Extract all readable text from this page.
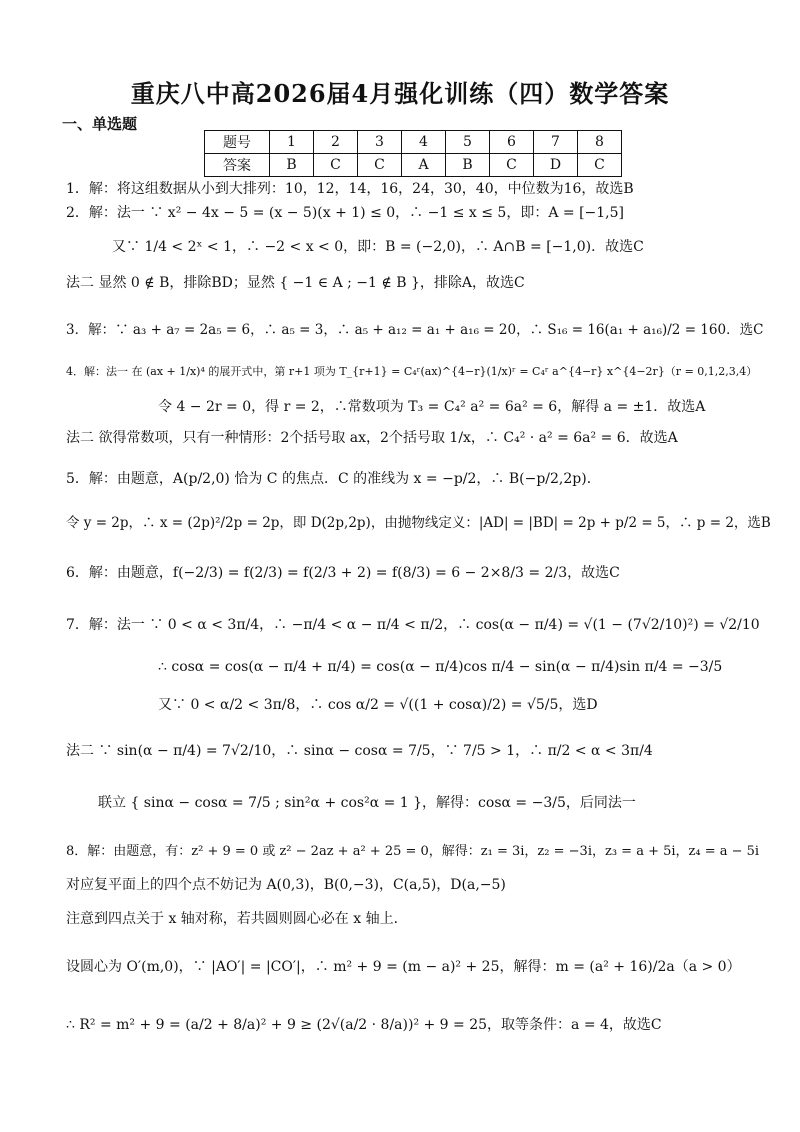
重庆八中高2026届4月强化训练（四）数学答案
一、单选题
题号	1	2	3	4	5	6	7	8
答案	B	C	C	A	B	C	D	C
1．解：将这组数据从小到大排列：10，12，14，16，24，30，40，中位数为16，故选B
2．解：法一 ∵ x² − 4x − 5 = (x − 5)(x + 1) ≤ 0，∴ −1 ≤ x ≤ 5，即：A = [−1,5]
又∵ 1/4 < 2ˣ < 1，∴ −2 < x < 0，即：B = (−2,0)，∴ A∩B = [−1,0)．故选C
法二 显然 0 ∉ B，排除BD；显然 { −1 ∈ A ; −1 ∉ B }，排除A，故选C
3．解：∵ a₃ + a₇ = 2a₅ = 6，∴ a₅ = 3，∴ a₅ + a₁₂ = a₁ + a₁₆ = 20，∴ S₁₆ = 16(a₁ + a₁₆)/2 = 160．选C
4．解：法一 在 (ax + 1/x)⁴ 的展开式中，第 r+1 项为 T_{r+1} = C₄ʳ(ax)^{4−r}(1/x)ʳ = C₄ʳ a^{4−r} x^{4−2r}（r = 0,1,2,3,4）
令 4 − 2r = 0，得 r = 2，∴常数项为 T₃ = C₄² a² = 6a² = 6，解得 a = ±1．故选A
法二 欲得常数项，只有一种情形：2个括号取 ax，2个括号取 1/x，∴ C₄² · a² = 6a² = 6．故选A
5．解：由题意，A(p/2,0) 恰为 C 的焦点．C 的准线为 x = −p/2，∴ B(−p/2,2p)．
令 y = 2p，∴ x = (2p)²/2p = 2p，即 D(2p,2p)，由抛物线定义：|AD| = |BD| = 2p + p/2 = 5，∴ p = 2，选B
6．解：由题意，f(−2/3) = f(2/3) = f(2/3 + 2) = f(8/3) = 6 − 2×8/3 = 2/3，故选C
7．解：法一 ∵ 0 < α < 3π/4，∴ −π/4 < α − π/4 < π/2，∴ cos(α − π/4) = √(1 − (7√2/10)²) = √2/10
∴ cosα = cos(α − π/4 + π/4) = cos(α − π/4)cos π/4 − sin(α − π/4)sin π/4 = −3/5
又∵ 0 < α/2 < 3π/8，∴ cos α/2 = √((1 + cosα)/2) = √5/5，选D
法二 ∵ sin(α − π/4) = 7√2/10，∴ sinα − cosα = 7/5，∵ 7/5 > 1，∴ π/2 < α < 3π/4
联立 { sinα − cosα = 7/5 ; sin²α + cos²α = 1 }，解得：cosα = −3/5，后同法一
8．解：由题意，有：z² + 9 = 0 或 z² − 2az + a² + 25 = 0，解得：z₁ = 3i，z₂ = −3i，z₃ = a + 5i，z₄ = a − 5i
对应复平面上的四个点不妨记为 A(0,3)，B(0,−3)，C(a,5)，D(a,−5)
注意到四点关于 x 轴对称，若共圆则圆心必在 x 轴上．
设圆心为 O′(m,0)，∵ |AO′| = |CO′|，∴ m² + 9 = (m − a)² + 25，解得：m = (a² + 16)/2a（a > 0）
∴ R² = m² + 9 = (a/2 + 8/a)² + 9 ≥ (2√(a/2 · 8/a))² + 9 = 25，取等条件：a = 4，故选C
